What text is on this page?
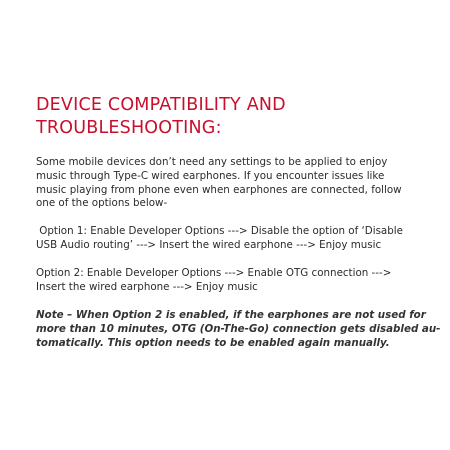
DEVICE COMPATIBILITY AND
TROUBLESHOOTING:

Some mobile devices don’t need any settings to be applied to enjoy
music through Type-C wired earphones. If you encounter issues like
music playing from phone even when earphones are connected, follow
one of the options below-

Option 1: Enable Developer Options ---> Disable the option of ‘Disable
USB Audio routing’ ---> Insert the wired earphone ---> Enjoy music

Option 2: Enable Developer Options ---> Enable OTG connection --->
Insert the wired earphone ---> Enjoy music

Note – When Option 2 is enabled, if the earphones are not used for
more than 10 minutes, OTG (On-The-Go) connection gets disabled au-
tomatically. This option needs to be enabled again manually.
